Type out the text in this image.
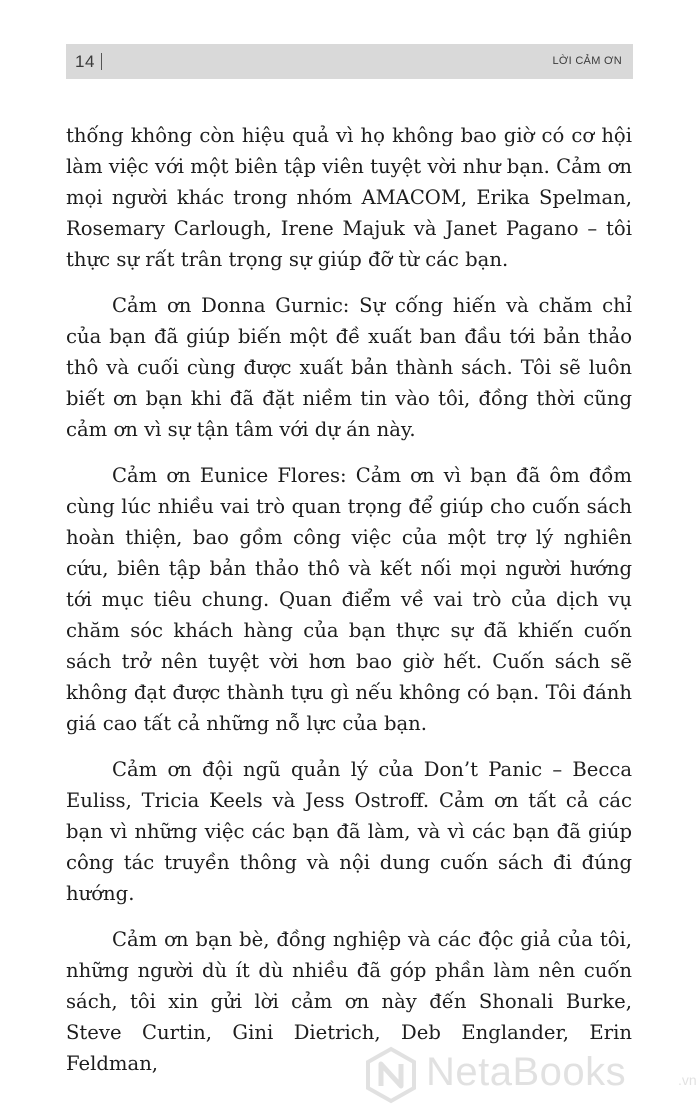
14	LỜI CẢM ƠN

thống không còn hiệu quả vì họ không bao giờ có cơ hội làm việc với một biên tập viên tuyệt vời như bạn. Cảm ơn mọi người khác trong nhóm AMACOM, Erika Spelman, Rosemary Carlough, Irene Majuk và Janet Pagano – tôi thực sự rất trân trọng sự giúp đỡ từ các bạn.

Cảm ơn Donna Gurnic: Sự cống hiến và chăm chỉ của bạn đã giúp biến một đề xuất ban đầu tới bản thảo thô và cuối cùng được xuất bản thành sách. Tôi sẽ luôn biết ơn bạn khi đã đặt niềm tin vào tôi, đồng thời cũng cảm ơn vì sự tận tâm với dự án này.

Cảm ơn Eunice Flores: Cảm ơn vì bạn đã ôm đồm cùng lúc nhiều vai trò quan trọng để giúp cho cuốn sách hoàn thiện, bao gồm công việc của một trợ lý nghiên cứu, biên tập bản thảo thô và kết nối mọi người hướng tới mục tiêu chung. Quan điểm về vai trò của dịch vụ chăm sóc khách hàng của bạn thực sự đã khiến cuốn sách trở nên tuyệt vời hơn bao giờ hết. Cuốn sách sẽ không đạt được thành tựu gì nếu không có bạn. Tôi đánh giá cao tất cả những nỗ lực của bạn.

Cảm ơn đội ngũ quản lý của Don’t Panic – Becca Euliss, Tricia Keels và Jess Ostroff. Cảm ơn tất cả các bạn vì những việc các bạn đã làm, và vì các bạn đã giúp công tác truyền thông và nội dung cuốn sách đi đúng hướng.

Cảm ơn bạn bè, đồng nghiệp và các độc giả của tôi, những người dù ít dù nhiều đã góp phần làm nên cuốn sách, tôi xin gửi lời cảm ơn này đến Shonali Burke, Steve Curtin, Gini Dietrich, Deb Englander, Erin Feldman,	NetaBooks	.vn
